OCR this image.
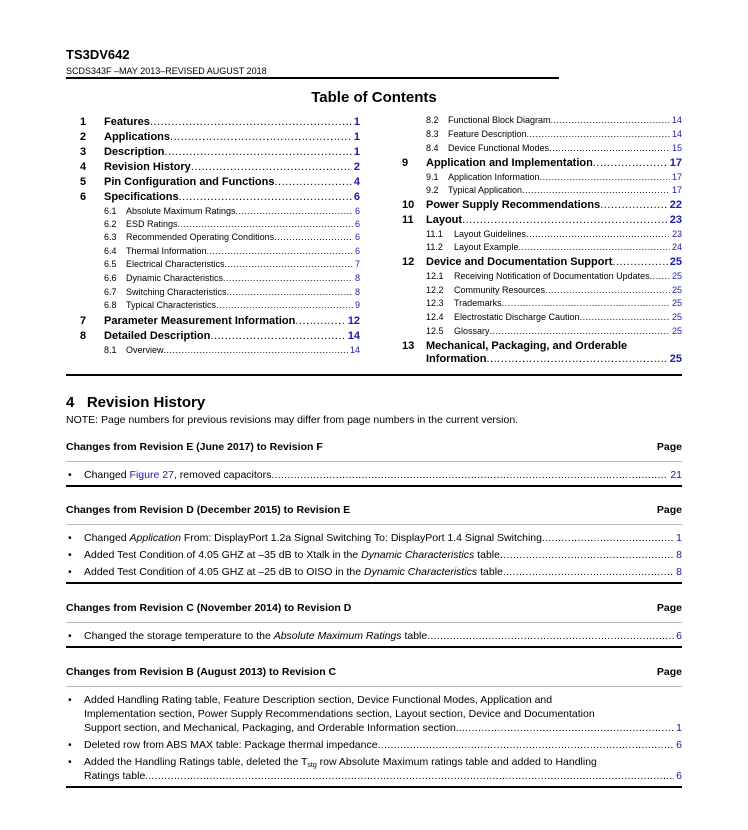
TS3DV642
SCDS343F –MAY 2013–REVISED AUGUST 2018
Table of Contents
4   Revision History
NOTE: Page numbers for previous revisions may differ from page numbers in the current version.
1	Features .....	1
2	Applications .....	1
3	Description .....	1
4	Revision History .....	2
5	Pin Configuration and Functions .....	4
6	Specifications .....	6
6.1	Absolute Maximum Ratings .....	6
6.2	ESD Ratings .....	6
6.3	Recommended Operating Conditions .....	6
6.4	Thermal Information .....	6
6.5	Electrical Characteristics .....	7
6.6	Dynamic Characteristics .....	8
6.7	Switching Characteristics .....	8
6.8	Typical Characteristics .....	9
7	Parameter Measurement Information .....	12
8	Detailed Description .....	14
8.1	Overview .....	14
8.2	Functional Block Diagram .....	14
8.3	Feature Description .....	14
8.4	Device Functional Modes .....	15
9	Application and Implementation .....	17
9.1	Application Information .....	17
9.2	Typical Application .....	17
10	Power Supply Recommendations .....	22
11	Layout .....	23
11.1	Layout Guidelines .....	23
11.2	Layout Example .....	24
12	Device and Documentation Support .....	25
12.1	Receiving Notification of Documentation Updates ..... 25
12.2	Community Resources .....	25
12.3	Trademarks .....	25
12.4	Electrostatic Discharge Caution .....	25
12.5	Glossary .....	25
13	Mechanical, Packaging, and Orderable
Information .....	25
Changes from Revision E (June 2017) to Revision F	Page
• Changed Figure 27, removed capacitors .....	21
Changes from Revision D (December 2015) to Revision E	Page
• Changed Application From: DisplayPort 1.2a Signal Switching To: DisplayPort 1.4 Signal Switching .....	1
• Added Test Condition of 4.05 GHZ at –35 dB to Xtalk in the Dynamic Characteristics table .....	8
• Added Test Condition of 4.05 GHZ at –25 dB to OISO in the Dynamic Characteristics table .....	8
Changes from Revision C (November 2014) to Revision D	Page
• Changed the storage temperature to the Absolute Maximum Ratings table .....	6
Changes from Revision B (August 2013) to Revision C	Page
• Added Handling Rating table, Feature Description section, Device Functional Modes, Application and
Implementation section, Power Supply Recommendations section, Layout section, Device and Documentation
Support section, and Mechanical, Packaging, and Orderable Information section. .....	1
• Deleted row from ABS MAX table: Package thermal impedance .....	6
• Added the Handling Ratings table, deleted the $T_{stg}$ row Absolute Maximum ratings table and added to Handling
Ratings table. .....	6
